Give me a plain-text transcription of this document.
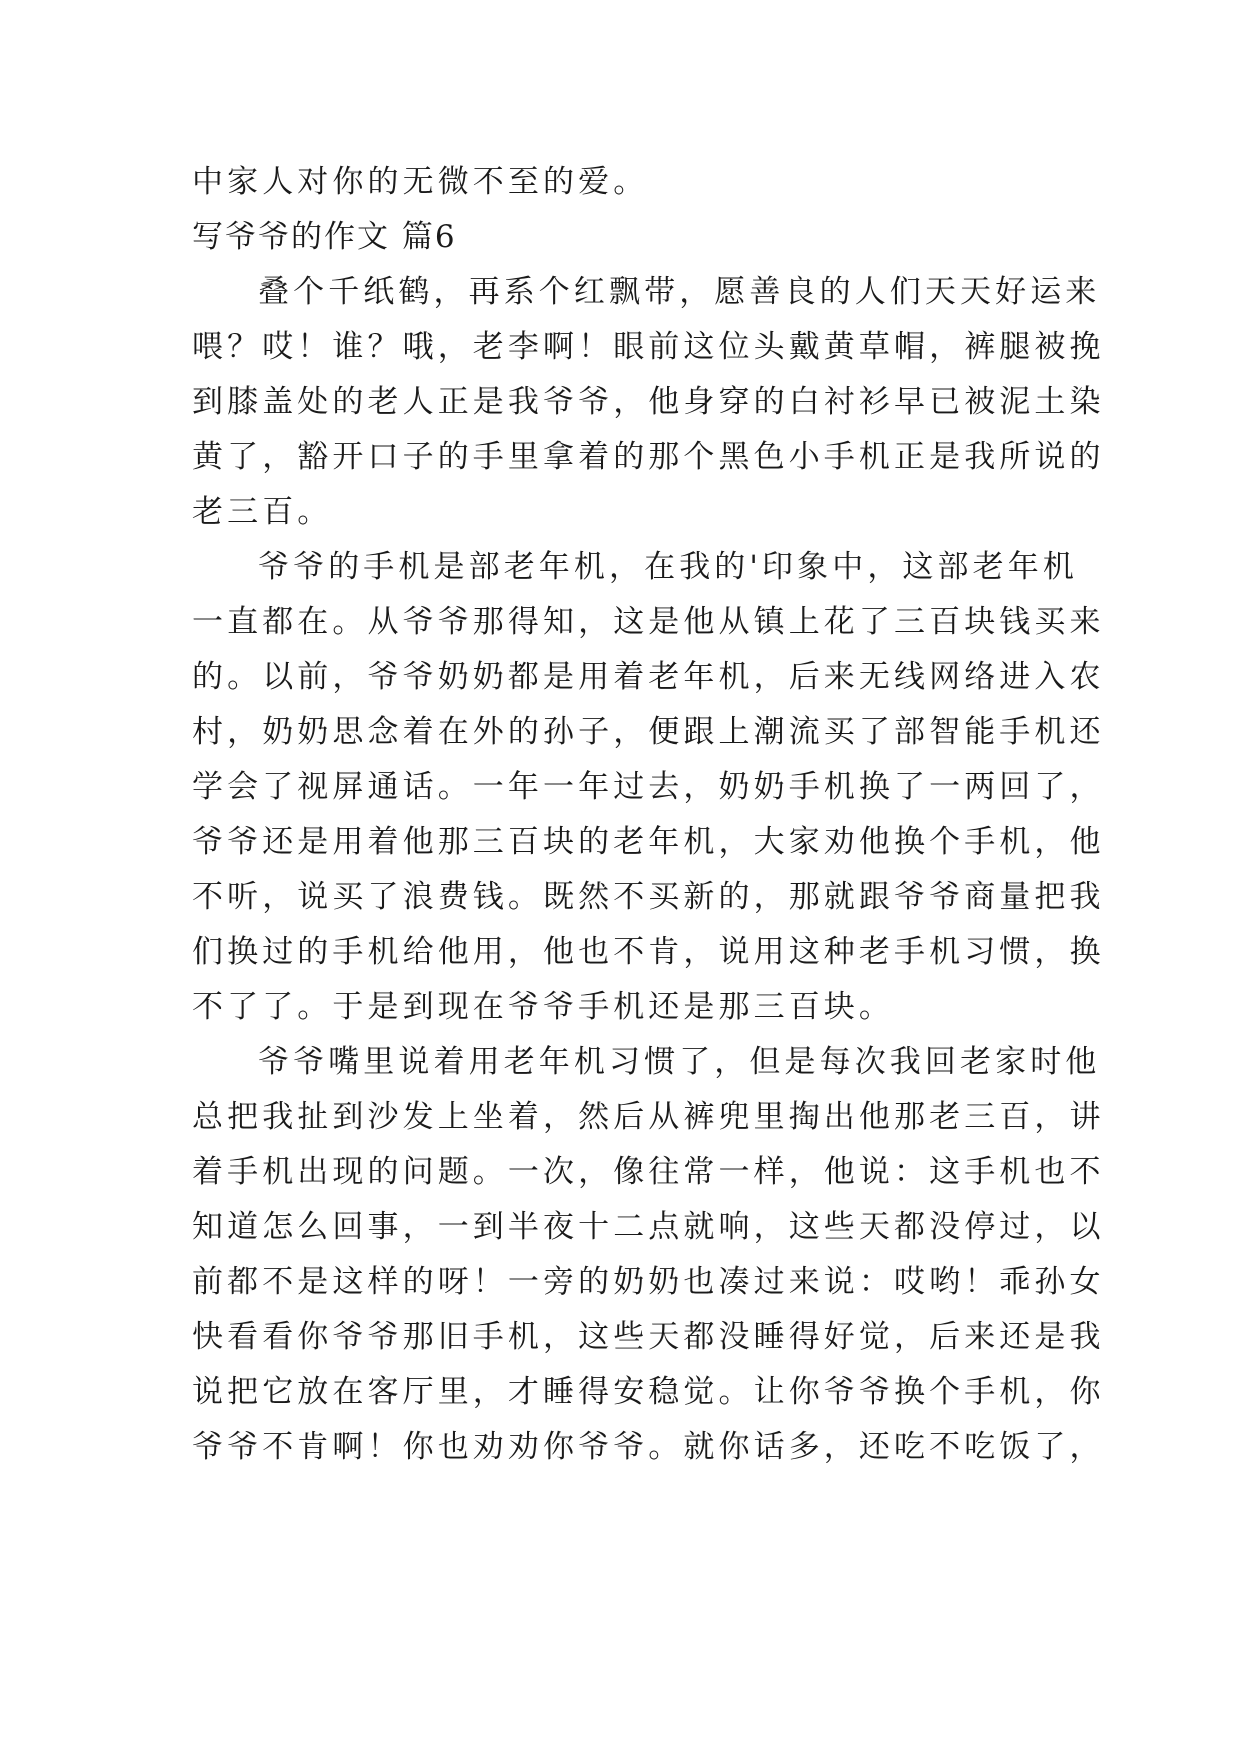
中家人对你的无微不至的爱。
写爷爷的作文 篇6
叠个千纸鹤，再系个红飘带，愿善良的人们天天好运来
喂？哎！谁？哦，老李啊！眼前这位头戴黄草帽，裤腿被挽
到膝盖处的老人正是我爷爷，他身穿的白衬衫早已被泥土染
黄了，豁开口子的手里拿着的那个黑色小手机正是我所说的
老三百。
爷爷的手机是部老年机，在我的'印象中，这部老年机
一直都在。从爷爷那得知，这是他从镇上花了三百块钱买来
的。以前，爷爷奶奶都是用着老年机，后来无线网络进入农
村，奶奶思念着在外的孙子，便跟上潮流买了部智能手机还
学会了视屏通话。一年一年过去，奶奶手机换了一两回了，
爷爷还是用着他那三百块的老年机，大家劝他换个手机，他
不听，说买了浪费钱。既然不买新的，那就跟爷爷商量把我
们换过的手机给他用，他也不肯，说用这种老手机习惯，换
不了了。于是到现在爷爷手机还是那三百块。
爷爷嘴里说着用老年机习惯了，但是每次我回老家时他
总把我扯到沙发上坐着，然后从裤兜里掏出他那老三百，讲
着手机出现的问题。一次，像往常一样，他说：这手机也不
知道怎么回事，一到半夜十二点就响，这些天都没停过，以
前都不是这样的呀！一旁的奶奶也凑过来说：哎哟！乖孙女
快看看你爷爷那旧手机，这些天都没睡得好觉，后来还是我
说把它放在客厅里，才睡得安稳觉。让你爷爷换个手机，你
爷爷不肯啊！你也劝劝你爷爷。就你话多，还吃不吃饭了，
